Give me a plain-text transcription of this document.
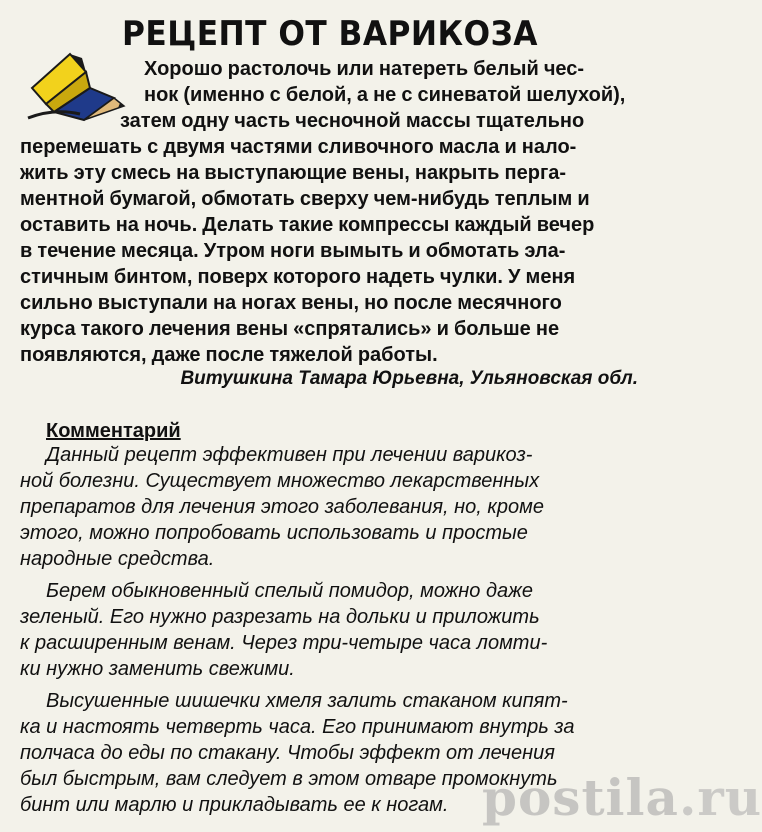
РЕЦЕПТ ОТ ВАРИКОЗА
Хорошо растолочь или натереть белый чес-
нок (именно с белой, а не с синеватой шелухой),
затем одну часть чесночной массы тщательно
перемешать с двумя частями сливочного масла и нало-
жить эту смесь на выступающие вены, накрыть перга-
ментной бумагой, обмотать сверху чем-нибудь теплым и
оставить на ночь. Делать такие компрессы каждый вечер
в течение месяца. Утром ноги вымыть и обмотать эла-
стичным бинтом, поверх которого надеть чулки. У меня
сильно выступали на ногах вены, но после месячного
курса такого лечения вены «спрятались» и больше не
появляются, даже после тяжелой работы.
Витушкина Тамара Юрьевна, Ульяновская обл.
Комментарий

Данный рецепт эффективен при лечении варикоз-
ной болезни. Существует множество лекарственных
препаратов для лечения этого заболевания, но, кроме
этого, можно попробовать использовать и простые
народные средства.

Берем обыкновенный спелый помидор, можно даже
зеленый. Его нужно разрезать на дольки и приложить
к расширенным венам. Через три-четыре часа ломти-
ки нужно заменить свежими.

Высушенные шишечки хмеля залить стаканом кипят-
ка и настоять четверть часа. Его принимают внутрь за
полчаса до еды по стакану. Чтобы эффект от лечения
был быстрым, вам следует в этом отваре промокнуть
бинт или марлю и прикладывать ее к ногам. postila.ru
